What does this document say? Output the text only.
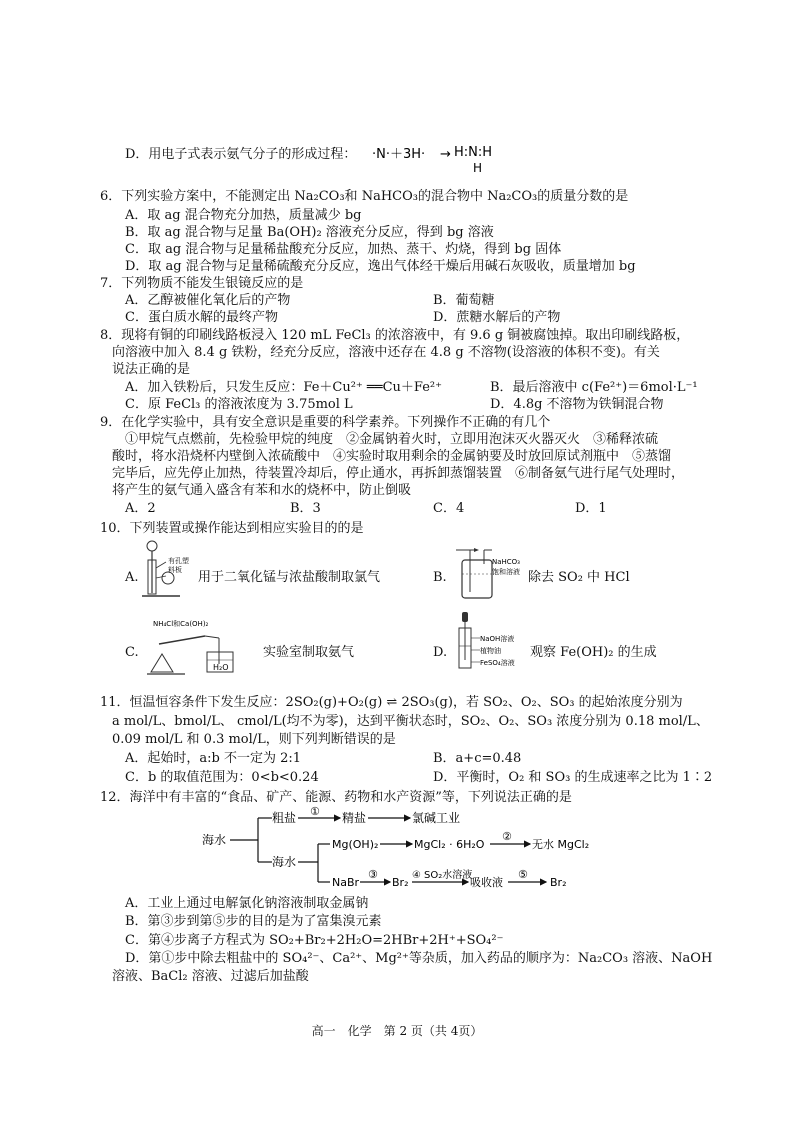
D．用电子式表示氨气分子的形成过程： ·N·＋3H· → H:N:H
H
6．下列实验方案中，不能测定出 Na₂CO₃和 NaHCO₃的混合物中 Na₂CO₃的质量分数的是
A．取 ag 混合物充分加热，质量减少 bg
B．取 ag 混合物与足量 Ba(OH)₂ 溶液充分反应，得到 bg 溶液
C．取 ag 混合物与足量稀盐酸充分反应，加热、蒸干、灼烧，得到 bg 固体
D．取 ag 混合物与足量稀硫酸充分反应，逸出气体经干燥后用碱石灰吸收，质量增加 bg
7．下列物质不能发生银镜反应的是
A．乙醇被催化氧化后的产物	B．葡萄糖
C．蛋白质水解的最终产物	D．蔗糖水解后的产物
8．现将有铜的印刷线路板浸入 120 mL FeCl₃ 的浓溶液中，有 9.6 g 铜被腐蚀掉。取出印刷线路板，
向溶液中加入 8.4 g 铁粉，经充分反应，溶液中还存在 4.8 g 不溶物(设溶液的体积不变)。有关
说法正确的是
A．加入铁粉后，只发生反应：Fe＋Cu²⁺ ══Cu＋Fe²⁺	B．最后溶液中 c(Fe²⁺)＝6mol·L⁻¹
C．原 FeCl₃ 的溶液浓度为 3.75mol L	D．4.8g 不溶物为铁铜混合物
9．在化学实验中，具有安全意识是重要的科学素养。下列操作不正确的有几个
①甲烷气点燃前，先检验甲烷的纯度　②金属钠着火时，立即用泡沫灭火器灭火　③稀释浓硫
酸时，将水沿烧杯内壁倒入浓硫酸中　④实验时取用剩余的金属钠要及时放回原试剂瓶中　⑤蒸馏
完毕后，应先停止加热，待装置冷却后，停止通水，再拆卸蒸馏装置　⑥制备氨气进行尾气处理时，
将产生的氨气通入盛含有苯和水的烧杯中，防止倒吸
A．2	B．3	C．4	D．1
10．下列装置或操作能达到相应实验目的的是
A.
有孔塑
料板 用于二氧化锰与浓盐酸制取氯气	B.
NaHCO₃
饱和溶液 除去 SO₂ 中 HCl
C.
NH₄Cl和Ca(OH)₂
H₂O
实验室制取氨气	D.
NaOH溶液
植物油
FeSO₄溶液
观察 Fe(OH)₂ 的生成
11．恒温恒容条件下发生反应：2SO₂(g)+O₂(g) ⇌ 2SO₃(g)，若 SO₂、O₂、SO₃ 的起始浓度分别为
a mol/L、bmol/L、 cmol/L(均不为零)，达到平衡状态时，SO₂、O₂、SO₃ 浓度分别为 0.18 mol/L、
0.09 mol/L 和 0.3 mol/L，则下列判断错误的是
A．起始时，a:b 不一定为 2:1	B．a+c=0.48
C．b 的取值范围为：0<b<0.24	D．平衡时，O₂ 和 SO₃ 的生成速率之比为 1∶2
12．海洋中有丰富的“食品、矿产、能源、药物和水产资源”等，下列说法正确的是
海水
粗盐 ① 精盐	氯碱工业
海水
Mg(OH)₂	MgCl₂ · 6H₂O
②
无水 MgCl₂
NaBr
③
Br₂
④ SO₂水溶液
吸收液
⑤
Br₂
A．工业上通过电解氯化钠溶液制取金属钠
B．第③步到第⑤步的目的是为了富集溴元素
C．第④步离子方程式为 SO₂+Br₂+2H₂O=2HBr+2H⁺+SO₄²⁻
D．第①步中除去粗盐中的 SO₄²⁻、Ca²⁺、Mg²⁺等杂质，加入药品的顺序为：Na₂CO₃ 溶液、NaOH
溶液、BaCl₂ 溶液、过滤后加盐酸
高一　化学　第 2 页（共 4页）
